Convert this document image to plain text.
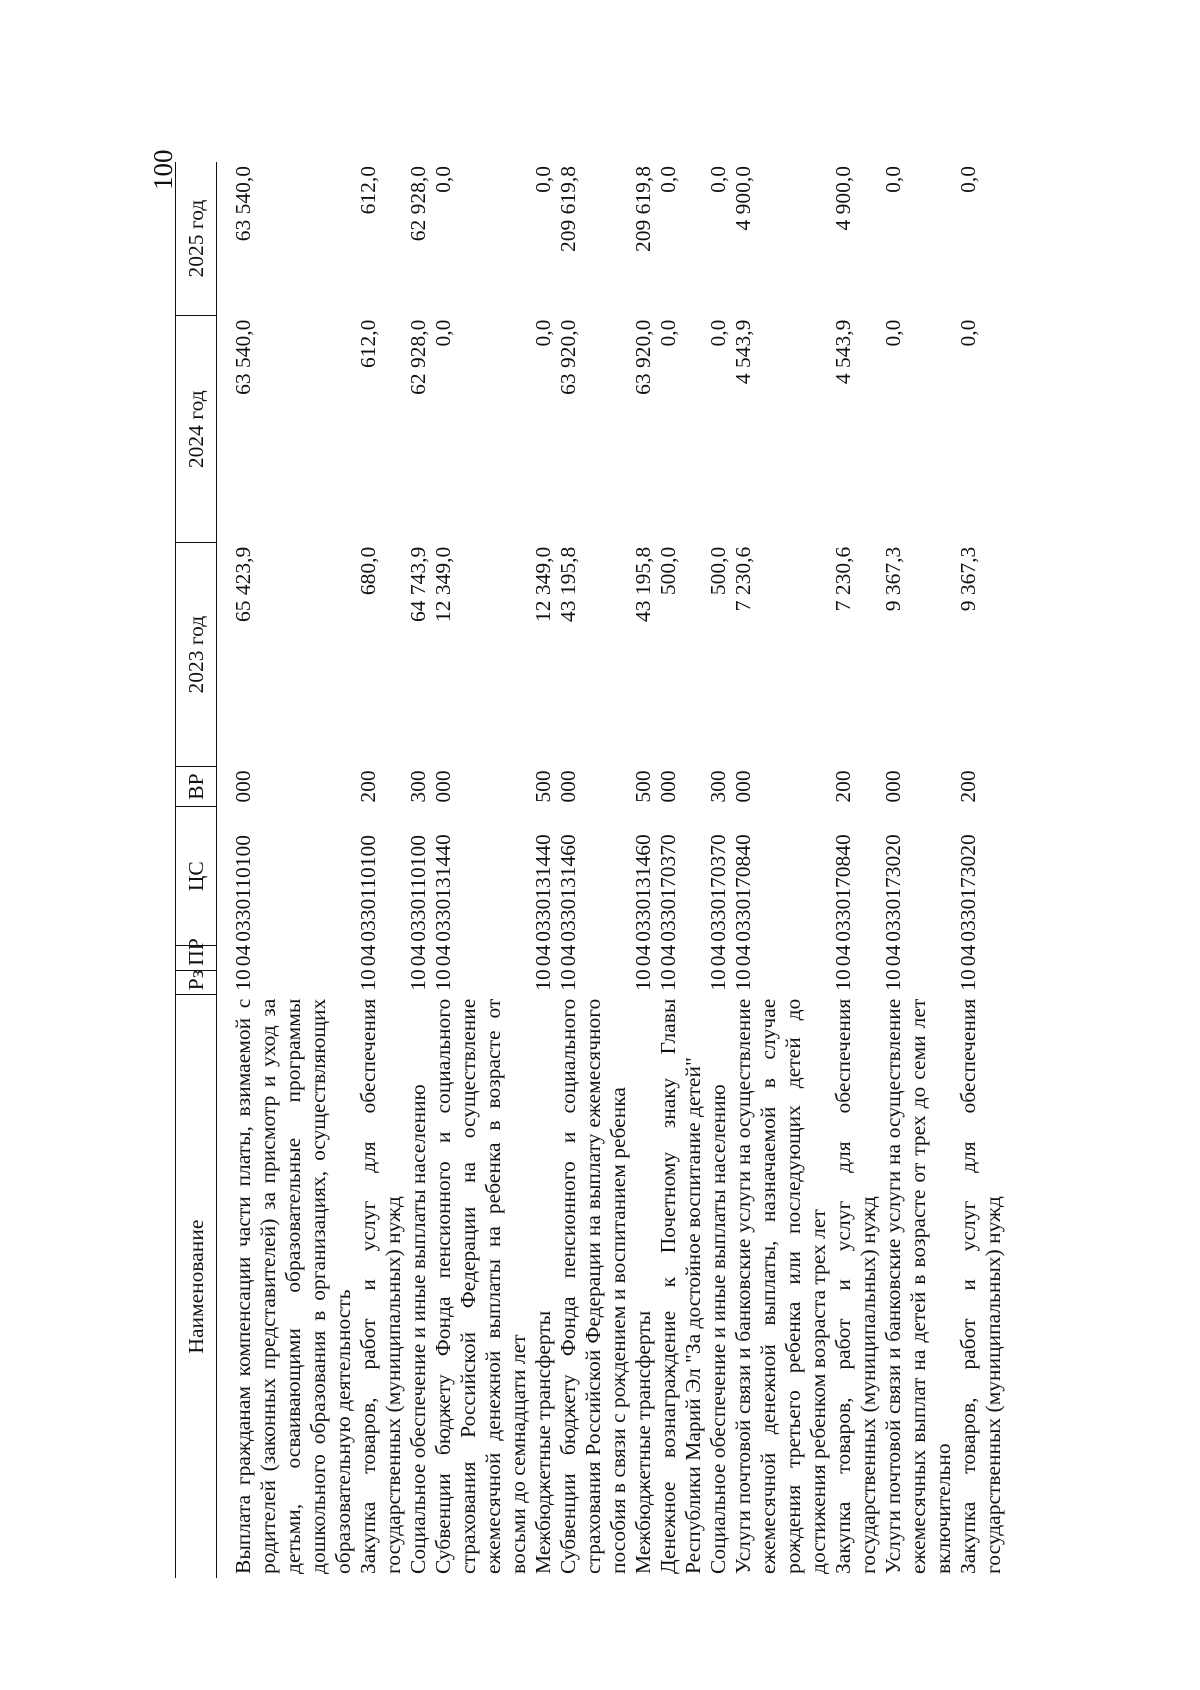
100
Наименование	Рз	ПР	ЦС	ВР	2023 год	2024 год	2025 год
Выплата гражданам компенсации части платы, взимаемой с родителей (законных представителей) за присмотр и уход за детьми, осваивающими образовательные программы дошкольного образования в организациях, осуществляющих образовательную деятельность	10	04	0330110100	000	65 423,9	63 540,0	63 540,0
Закупка товаров, работ и услуг для обеспечения государственных (муниципальных) нужд	10	04	0330110100	200	680,0	612,0	612,0
Социальное обеспечение и иные выплаты населению	10	04	0330110100	300	64 743,9	62 928,0	62 928,0
Субвенции бюджету Фонда пенсионного и социального страхования Российской Федерации на осуществление ежемесячной денежной выплаты на ребенка в возрасте от восьми до семнадцати лет	10	04	0330131440	000	12 349,0	0,0	0,0
Межбюджетные трансферты	10	04	0330131440	500	12 349,0	0,0	0,0
Субвенции бюджету Фонда пенсионного и социального страхования Российской Федерации на выплату ежемесячного пособия в связи с рождением и воспитанием ребенка	10	04	0330131460	000	43 195,8	63 920,0	209 619,8
Межбюджетные трансферты	10	04	0330131460	500	43 195,8	63 920,0	209 619,8
Денежное вознаграждение к Почетному знаку Главы Республики Марий Эл "За достойное воспитание детей"	10	04	0330170370	000	500,0	0,0	0,0
Социальное обеспечение и иные выплаты населению	10	04	0330170370	300	500,0	0,0	0,0
Услуги почтовой связи и банковские услуги на осуществление ежемесячной денежной выплаты, назначаемой в случае рождения третьего ребенка или последующих детей до достижения ребенком возраста трех лет	10	04	0330170840	000	7 230,6	4 543,9	4 900,0
Закупка товаров, работ и услуг для обеспечения государственных (муниципальных) нужд	10	04	0330170840	200	7 230,6	4 543,9	4 900,0
Услуги почтовой связи и банковские услуги на осуществление ежемесячных выплат на детей в возрасте от трех до семи лет включительно	10	04	0330173020	000	9 367,3	0,0	0,0
Закупка товаров, работ и услуг для обеспечения государственных (муниципальных) нужд	10	04	0330173020	200	9 367,3	0,0	0,0
